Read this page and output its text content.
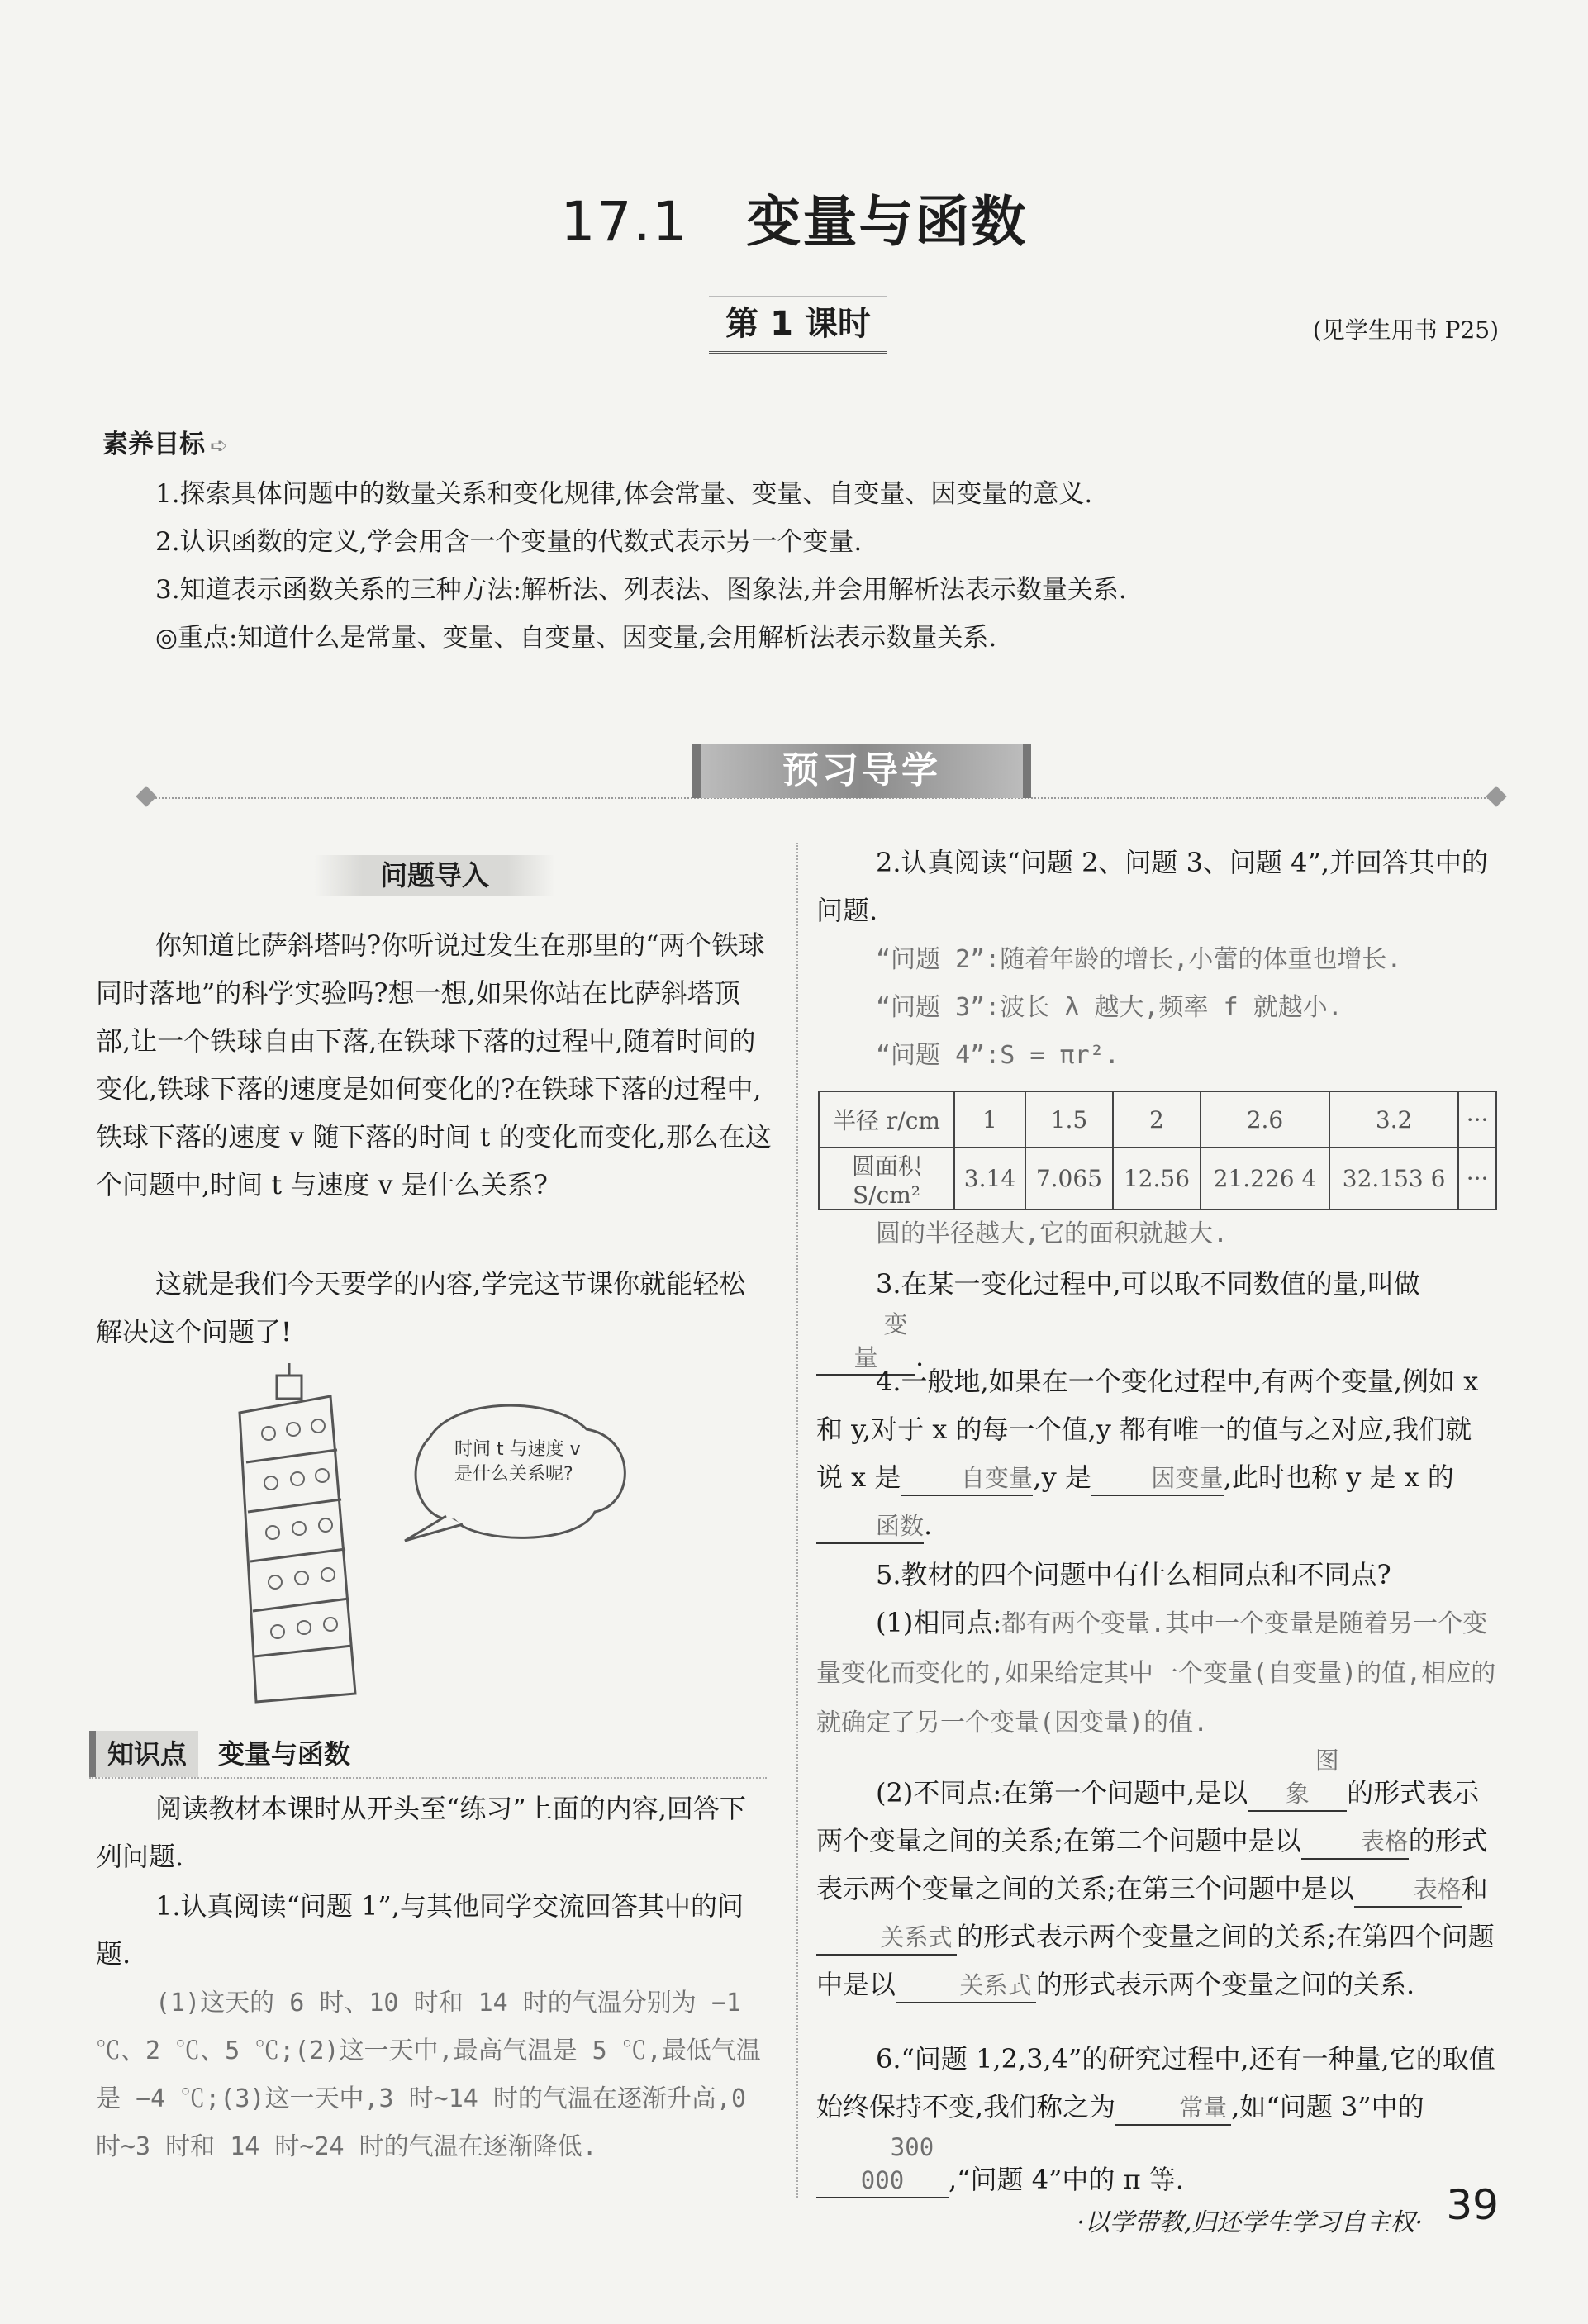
17.1 变量与函数
第 1 课时	(见学生用书 P25)
素养目标 ➪
1.探索具体问题中的数量关系和变化规律,体会常量、变量、自变量、因变量的意义.
2.认识函数的定义,学会用含一个变量的代数式表示另一个变量.
3.知道表示函数关系的三种方法:解析法、列表法、图象法,并会用解析法表示数量关系.
◎重点:知道什么是常量、变量、自变量、因变量,会用解析法表示数量关系.
预习导学
问题导入
你知道比萨斜塔吗?你听说过发生在那里的“两个铁球同时落地”的科学实验吗?想一想,如果你站在比萨斜塔顶部,让一个铁球自由下落,在铁球下落的过程中,随着时间的变化,铁球下落的速度是如何变化的?在铁球下落的过程中,铁球下落的速度 v 随下落的时间 t 的变化而变化,那么在这个问题中,时间 t 与速度 v 是什么关系?
这就是我们今天要学的内容,学完这节课你就能轻松解决这个问题了!
时间 t 与速度 v 是什么关系呢?
知识点 变量与函数
阅读教材本课时从开头至“练习”上面的内容,回答下列问题.
1.认真阅读“问题 1”,与其他同学交流回答其中的问题.
(1)这天的 6 时、10 时和 14 时的气温分别为 −1 ℃、2 ℃、5 ℃;(2)这一天中,最高气温是 5 ℃,最低气温是 −4 ℃;(3)这一天中,3 时~14 时的气温在逐渐升高,0 时~3 时和 14 时~24 时的气温在逐渐降低.
2.认真阅读“问题 2、问题 3、问题 4”,并回答其中的问题.
“问题 2”:随着年龄的增长,小蕾的体重也增长.
“问题 3”:波长 λ 越大,频率 f 就越小.
“问题 4”:S = πr².
半径 r/cm	1	1.5	2	2.6	3.2	···
圆面积 S/cm²	3.14	7.065	12.56	21.226 4	32.153 6	···
圆的半径越大,它的面积就越大.
3.在某一变化过程中,可以取不同数值的量,叫做变量 .
4.一般地,如果在一个变化过程中,有两个变量,例如 x 和 y,对于 x 的每一个值,y 都有唯一的值与之对应,我们就说 x 是 自变量,y 是 因变量,此时也称 y 是 x 的函数.
5.教材的四个问题中有什么相同点和不同点?
(1)相同点:都有两个变量.其中一个变量是随着另一个变量变化而变化的,如果给定其中一个变量(自变量)的值,相应的就确定了另一个变量(因变量)的值.
(2)不同点:在第一个问题中,是以图象 的形式表示两个变量之间的关系;在第二个问题中是以 表格的形式表示两个变量之间的关系;在第三个问题中是以 表格和关系式 的形式表示两个变量之间的关系;在第四个问题中是以	关系式 的形式表示两个变量之间的关系.
6.“问题 1,2,3,4”的研究过程中,还有一种量,它的取值始终保持不变,我们称之为	常量 ,如“问题 3”中的300 000 ,“问题 4”中的 π 等.
·以学带教,归还学生学习自主权· 39
